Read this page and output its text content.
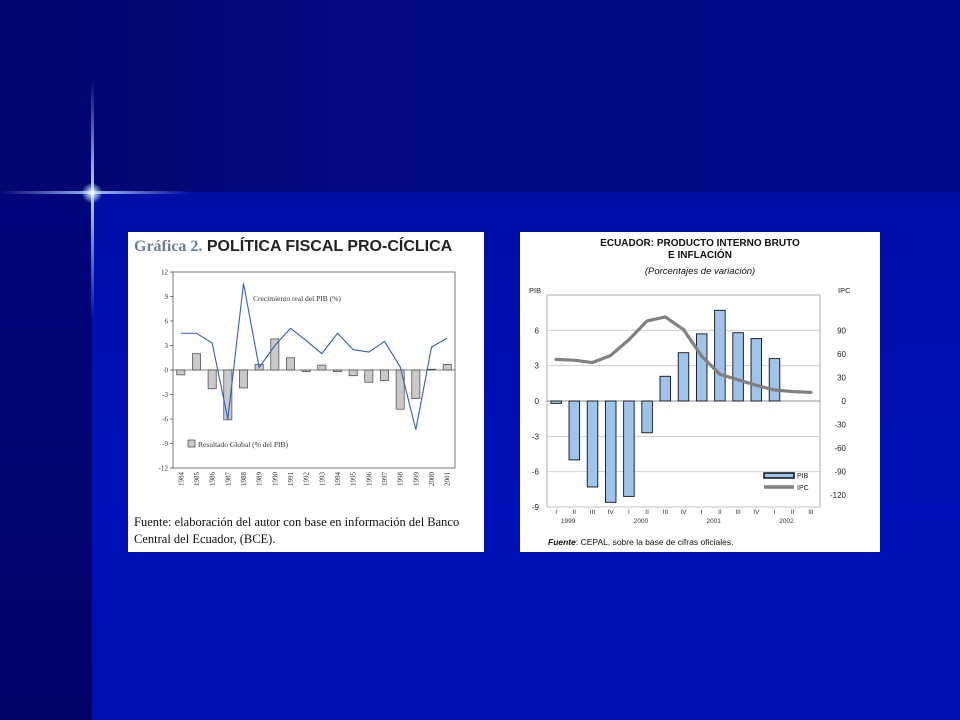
Gráfica 2. POLÍTICA FISCAL PRO-CÍCLICA
12
9
6
3
0
-3
-6
-9
-12
1984 1985 1986 1987 1988 1989 1990 1991 1992 1993 1994 1995 1996 1997 1998 1999 2000 2001
Crecimiento real del PIB (%)
Resultado Global (% del PIB)
Fuente: elaboración del autor con base en información del Banco Central del Ecuador, (BCE).
ECUADOR: PRODUCTO INTERNO BRUTO
E INFLACIÓN
(Porcentajes de variación)
6
3
0
-3
-6
-9
90
60
30
0
-30
-60
-90
-120
PIB	IPC
I II III IV I II III IV I II III IV I II III
1999	2000	2001	2002
PIB
IPC
Fuente: CEPAL, sobre la base de cifras oficiales.
